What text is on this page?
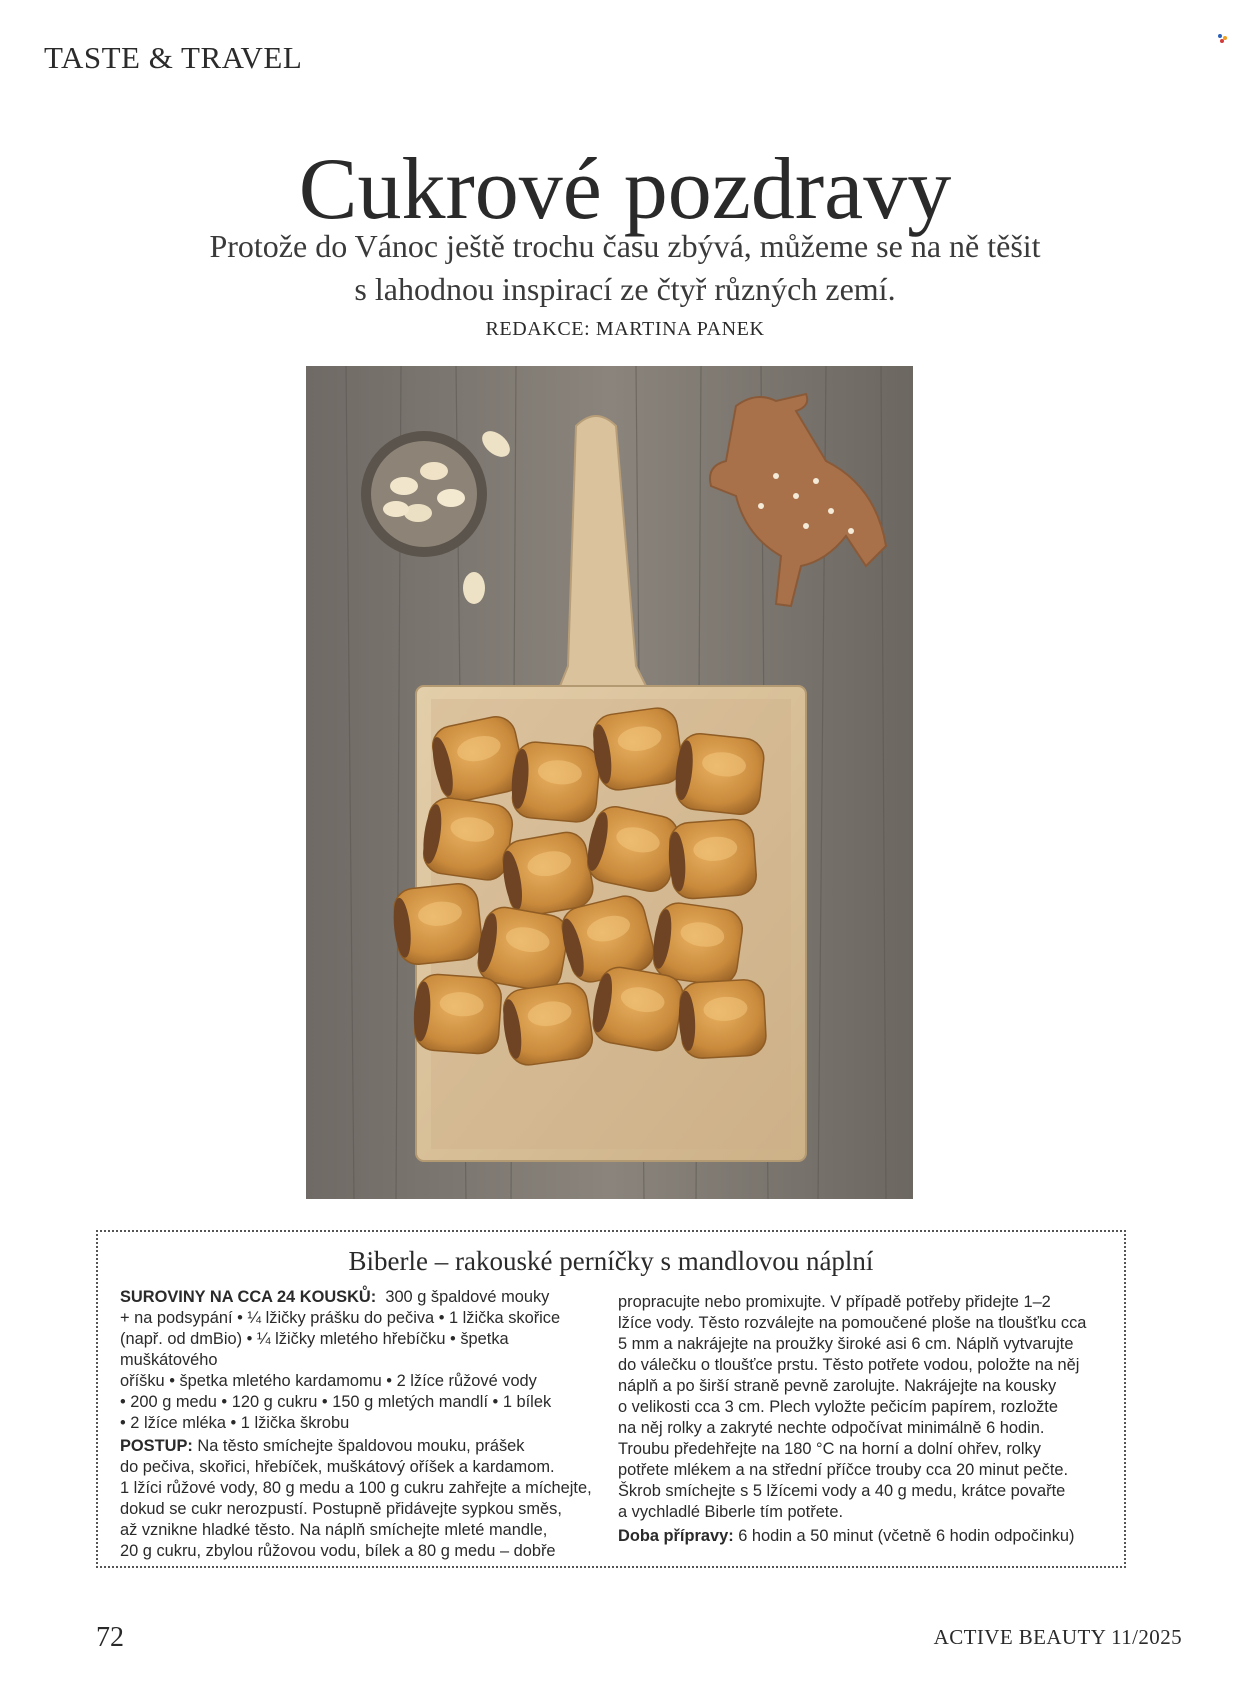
TASTE & TRAVEL
Cukrové pozdravy
Protože do Vánoc ještě trochu času zbývá, můžeme se na ně těšit
s lahodnou inspirací ze čtyř různých zemí.
REDAKCE: MARTINA PANEK
Biberle – rakouské perníčky s mandlovou náplní

SUROVINY NA CCA 24 KOUSKŮ: 300 g špaldové mouky

+ na podsypání • ¼ lžičky prášku do pečiva • 1 lžička skořice

(např. od dmBio) • ¼ lžičky mletého hřebíčku • špetka muškátového

oříšku • špetka mletého kardamomu • 2 lžíce růžové vody

• 200 g medu • 120 g cukru • 150 g mletých mandlí • 1 bílek

• 2 lžíce mléka • 1 lžička škrobu

POSTUP: Na těsto smíchejte špaldovou mouku, prášek

do pečiva, skořici, hřebíček, muškátový oříšek a kardamom.

1 lžíci růžové vody, 80 g medu a 100 g cukru zahřejte a míchejte,

dokud se cukr nerozpustí. Postupně přidávejte sypkou směs,

až vznikne hladké těsto. Na náplň smíchejte mleté mandle,

20 g cukru, zbylou růžovou vodu, bílek a 80 g medu – dobře

propracujte nebo promixujte. V případě potřeby přidejte 1–2

lžíce vody. Těsto rozválejte na pomoučené ploše na tloušťku cca

5 mm a nakrájejte na proužky široké asi 6 cm. Náplň vytvarujte

do válečku o tloušťce prstu. Těsto potřete vodou, položte na něj

náplň a po širší straně pevně zarolujte. Nakrájejte na kousky

o velikosti cca 3 cm. Plech vyložte pečicím papírem, rozložte

na něj rolky a zakryté nechte odpočívat minimálně 6 hodin.

Troubu předehřejte na 180 °C na horní a dolní ohřev, rolky

potřete mlékem a na střední příčce trouby cca 20 minut pečte.

Škrob smíchejte s 5 lžícemi vody a 40 g medu, krátce povařte

a vychladlé Biberle tím potřete.

Doba přípravy: 6 hodin a 50 minut (včetně 6 hodin odpočinku)

72	ACTIVE BEAUTY 11/2025
